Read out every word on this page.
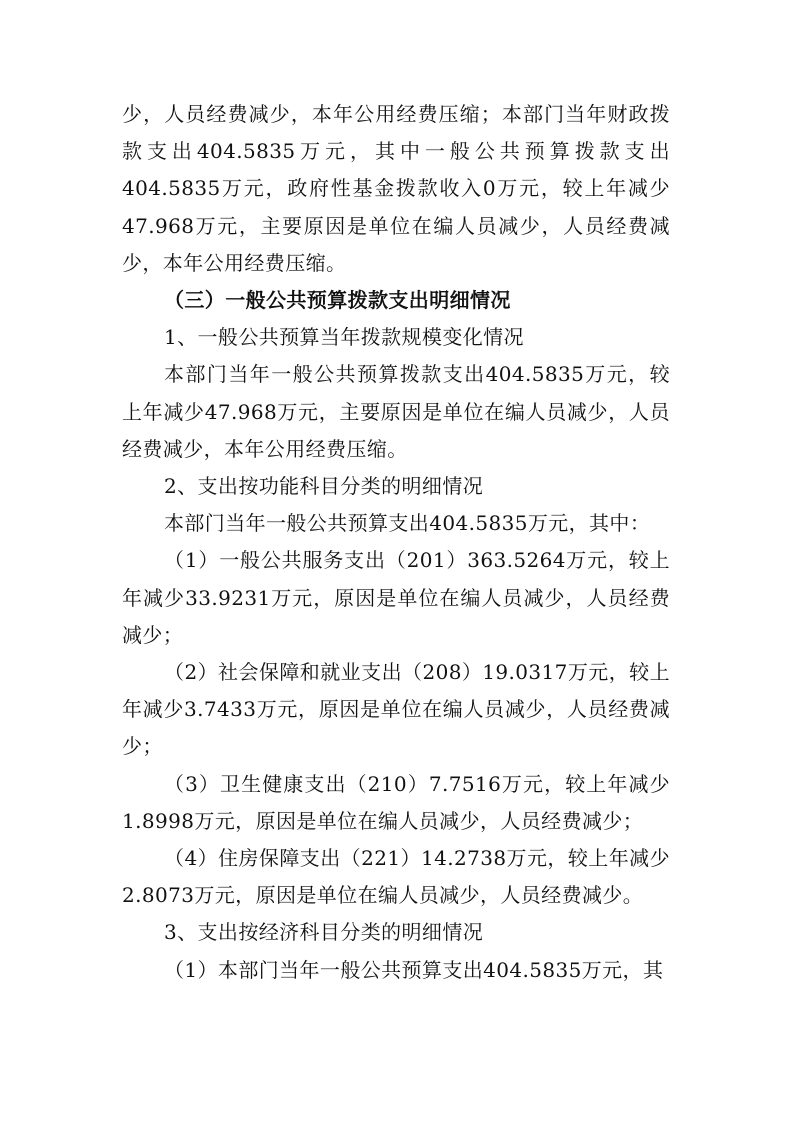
少，人员经费减少，本年公用经费压缩；本部门当年财政拨款支出404.5835万元，其中一般公共预算拨款支出404.5835万元，政府性基金拨款收入0万元，较上年减少47.968万元，主要原因是单位在编人员减少，人员经费减少，本年公用经费压缩。

（三）一般公共预算拨款支出明细情况

1、一般公共预算当年拨款规模变化情况

本部门当年一般公共预算拨款支出404.5835万元，较上年减少47.968万元，主要原因是单位在编人员减少，人员经费减少，本年公用经费压缩。

2、支出按功能科目分类的明细情况

本部门当年一般公共预算支出404.5835万元，其中：

（1）一般公共服务支出（201）363.5264万元，较上年减少33.9231万元，原因是单位在编人员减少，人员经费减少；

（2）社会保障和就业支出（208）19.0317万元，较上年减少3.7433万元，原因是单位在编人员减少，人员经费减少；

（3）卫生健康支出（210）7.7516万元，较上年减少1.8998万元，原因是单位在编人员减少，人员经费减少；

（4）住房保障支出（221）14.2738万元，较上年减少2.8073万元，原因是单位在编人员减少，人员经费减少。

3、支出按经济科目分类的明细情况

（1）本部门当年一般公共预算支出404.5835万元，其
